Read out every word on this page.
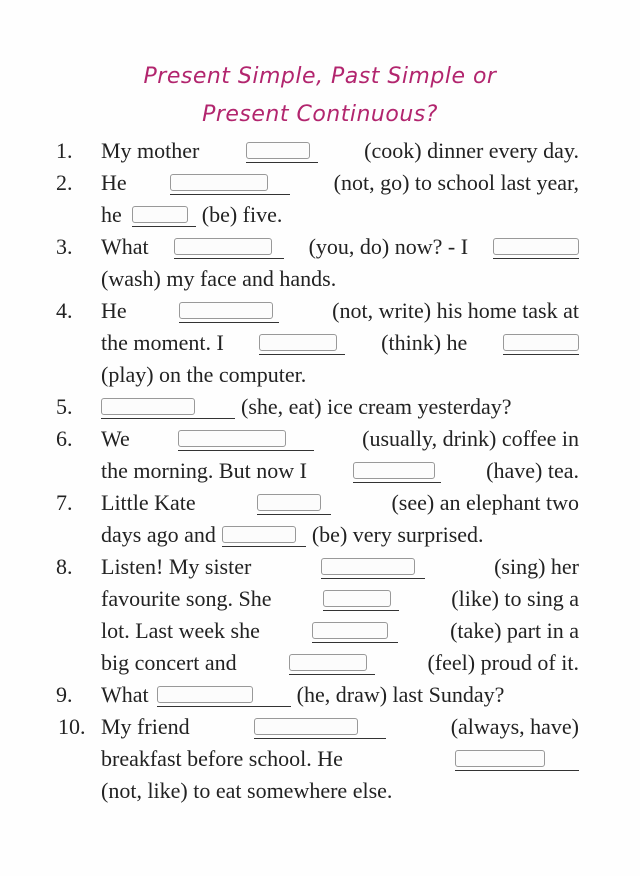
Present Simple, Past Simple or
Present Continuous?
1.	My mother	(cook) dinner every day.
2.	He	(not, go) to school last year,
he	(be) five.
3.	What	(you, do) now? - I
(wash) my face and hands.
4.	He	(not, write) his home task at
the moment. I	(think) he
(play) on the computer.
5.	(she, eat) ice cream yesterday?
6.	We	(usually, drink) coffee in
the morning. But now I	(have) tea.
7.	Little Kate	(see) an elephant two
days ago and	(be) very surprised.
8.	Listen! My sister	(sing) her
favourite song. She	(like) to sing a
lot. Last week she	(take) part in a
big concert and	(feel) proud of it.
9.	What	(he, draw) last Sunday?
10. My friend	(always, have)
breakfast before school. He
(not, like) to eat somewhere else.
